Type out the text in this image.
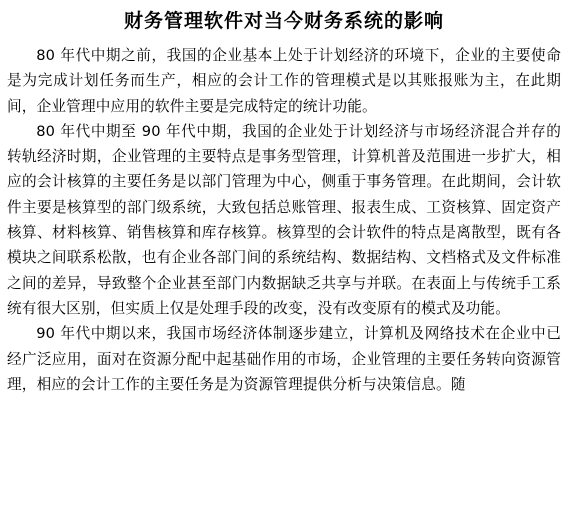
财务管理软件对当今财务系统的影响

80 年代中期之前，我国的企业基本上处于计划经济的环境下，企业的主要使命是为完成计划任务而生产，相应的会计工作的管理模式是以其账报账为主，在此期间，企业管理中应用的软件主要是完成特定的统计功能。

80 年代中期至 90 年代中期，我国的企业处于计划经济与市场经济混合并存的转轨经济时期，企业管理的主要特点是事务型管理，计算机普及范围进一步扩大，相应的会计核算的主要任务是以部门管理为中心，侧重于事务管理。在此期间，会计软件主要是核算型的部门级系统，大致包括总账管理、报表生成、工资核算、固定资产核算、材料核算、销售核算和库存核算。核算型的会计软件的特点是离散型，既有各模块之间联系松散，也有企业各部门间的系统结构、数据结构、文档格式及文件标准之间的差异，导致整个企业甚至部门内数据缺乏共享与并联。在表面上与传统手工系统有很大区别，但实质上仅是处理手段的改变，没有改变原有的模式及功能。

90 年代中期以来，我国市场经济体制逐步建立，计算机及网络技术在企业中已经广泛应用，面对在资源分配中起基础作用的市场，企业管理的主要任务转向资源管理，相应的会计工作的主要任务是为资源管理提供分析与决策信息。随
